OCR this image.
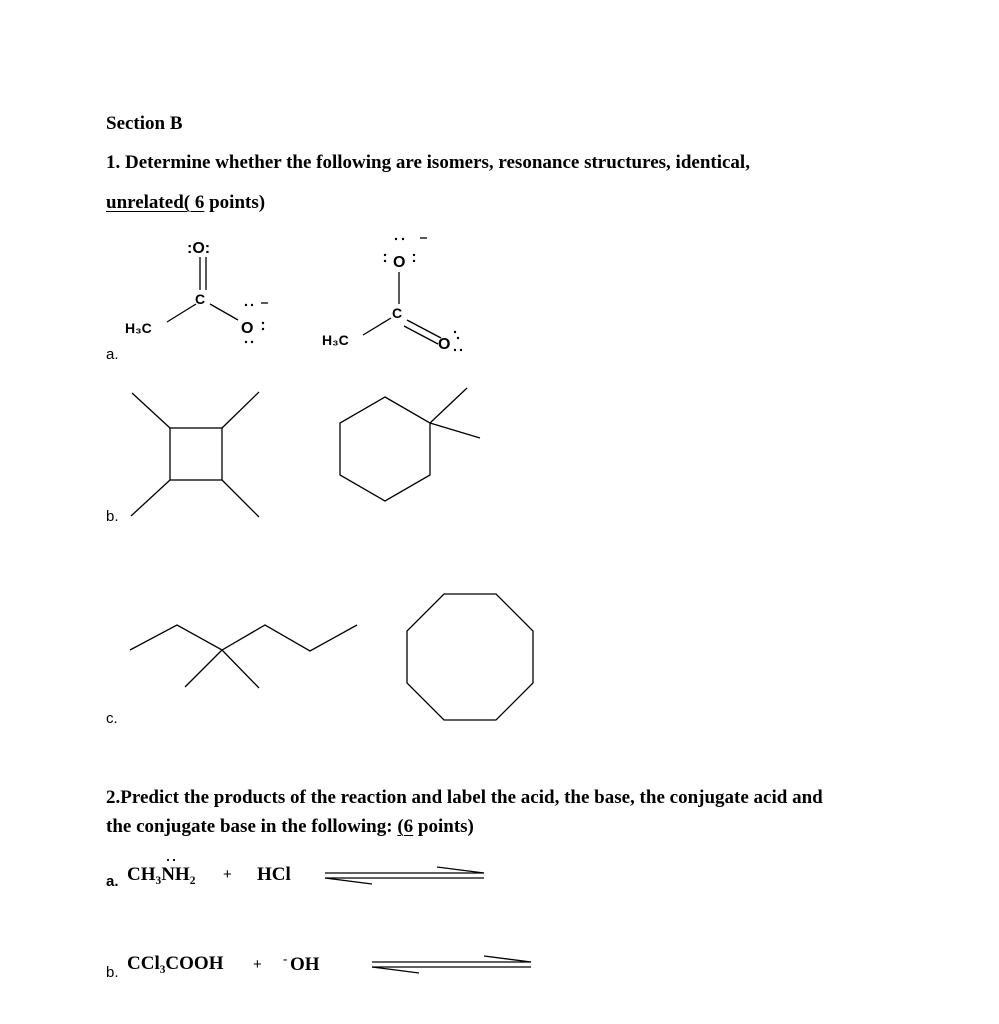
Section B
1. Determine whether the following are isomers, resonance structures, identical,
unrelated( 6 points)
a.
b.
c.
H₃C
C
:O:
O
H₃C
C
O
O
2.Predict the products of the reaction and label the acid, the base, the conjugate acid and
the conjugate base in the following: (6 points)
a. CH₃NH₂ + HCl
b. CCl₃COOH + - OH
